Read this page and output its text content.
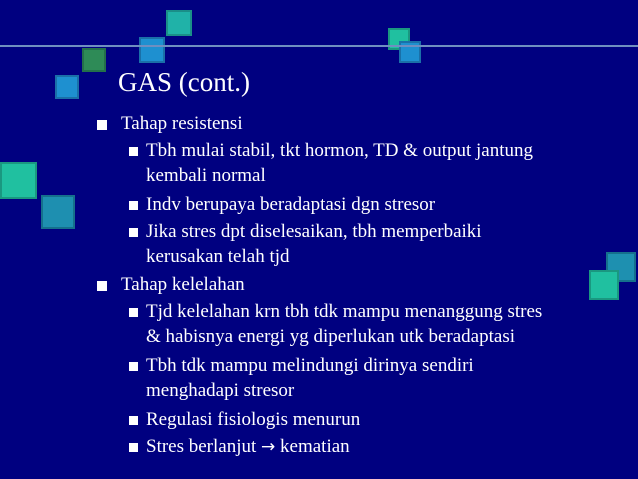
GAS (cont.)
Tahap resistensi
Tbh mulai stabil, tkt hormon, TD & output jantung
kembali normal
Indv berupaya beradaptasi dgn stresor
Jika stres dpt diselesaikan, tbh memperbaiki
kerusakan telah tjd
Tahap kelelahan
Tjd kelelahan krn tbh tdk mampu menanggung stres
& habisnya energi yg diperlukan utk beradaptasi
Tbh tdk mampu melindungi dirinya sendiri
menghadapi stresor
Regulasi fisiologis menurun
Stres berlanjut → kematian
